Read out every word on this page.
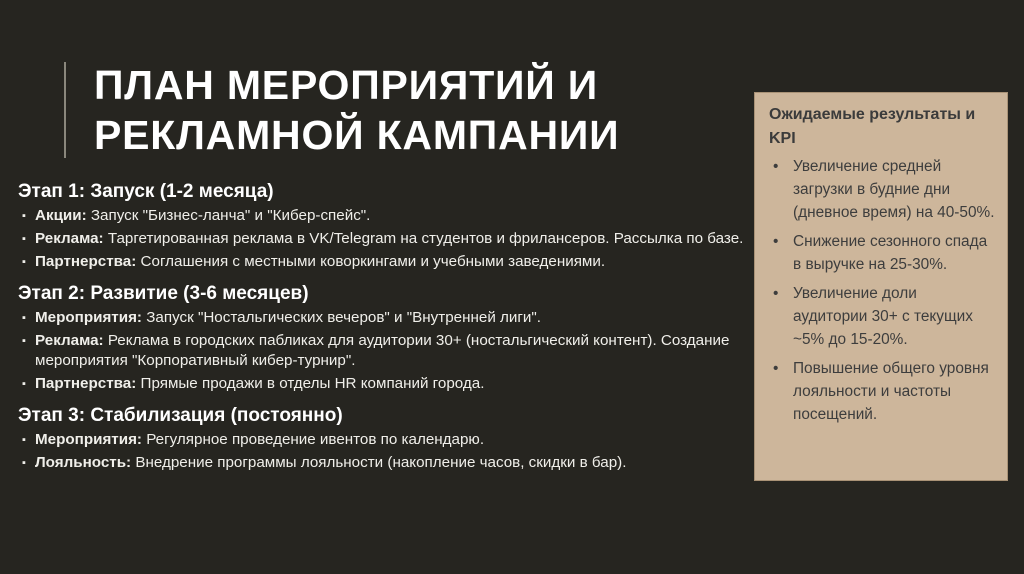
ПЛАН МЕРОПРИЯТИЙ И
РЕКЛАМНОЙ КАМПАНИИ
Этап 1: Запуск (1-2 месяца)
▪ Акции: Запуск "Бизнес-ланча" и "Кибер-спейс".
▪ Реклама: Таргетированная реклама в VK/Telegram на студентов и фрилансеров. Рассылка по базе.
▪ Партнерства: Соглашения с местными коворкингами и учебными заведениями.
Этап 2: Развитие (3-6 месяцев)
▪ Мероприятия: Запуск "Ностальгических вечеров" и "Внутренней лиги".
▪ Реклама: Реклама в городских пабликах для аудитории 30+ (ностальгический контент). Создание мероприятия "Корпоративный кибер-турнир".
▪ Партнерства: Прямые продажи в отделы HR компаний города.
Этап 3: Стабилизация (постоянно)
▪ Мероприятия: Регулярное проведение ивентов по календарю.
▪ Лояльность: Внедрение программы лояльности (накопление часов, скидки в бар).
Ожидаемые результаты и KPI
• Увеличение средней загрузки в будние дни (дневное время) на 40-50%.
• Снижение сезонного спада в выручке на 25-30%.
• Увеличение доли аудитории 30+ с текущих ~5% до 15-20%.
• Повышение общего уровня лояльности и частоты посещений.
